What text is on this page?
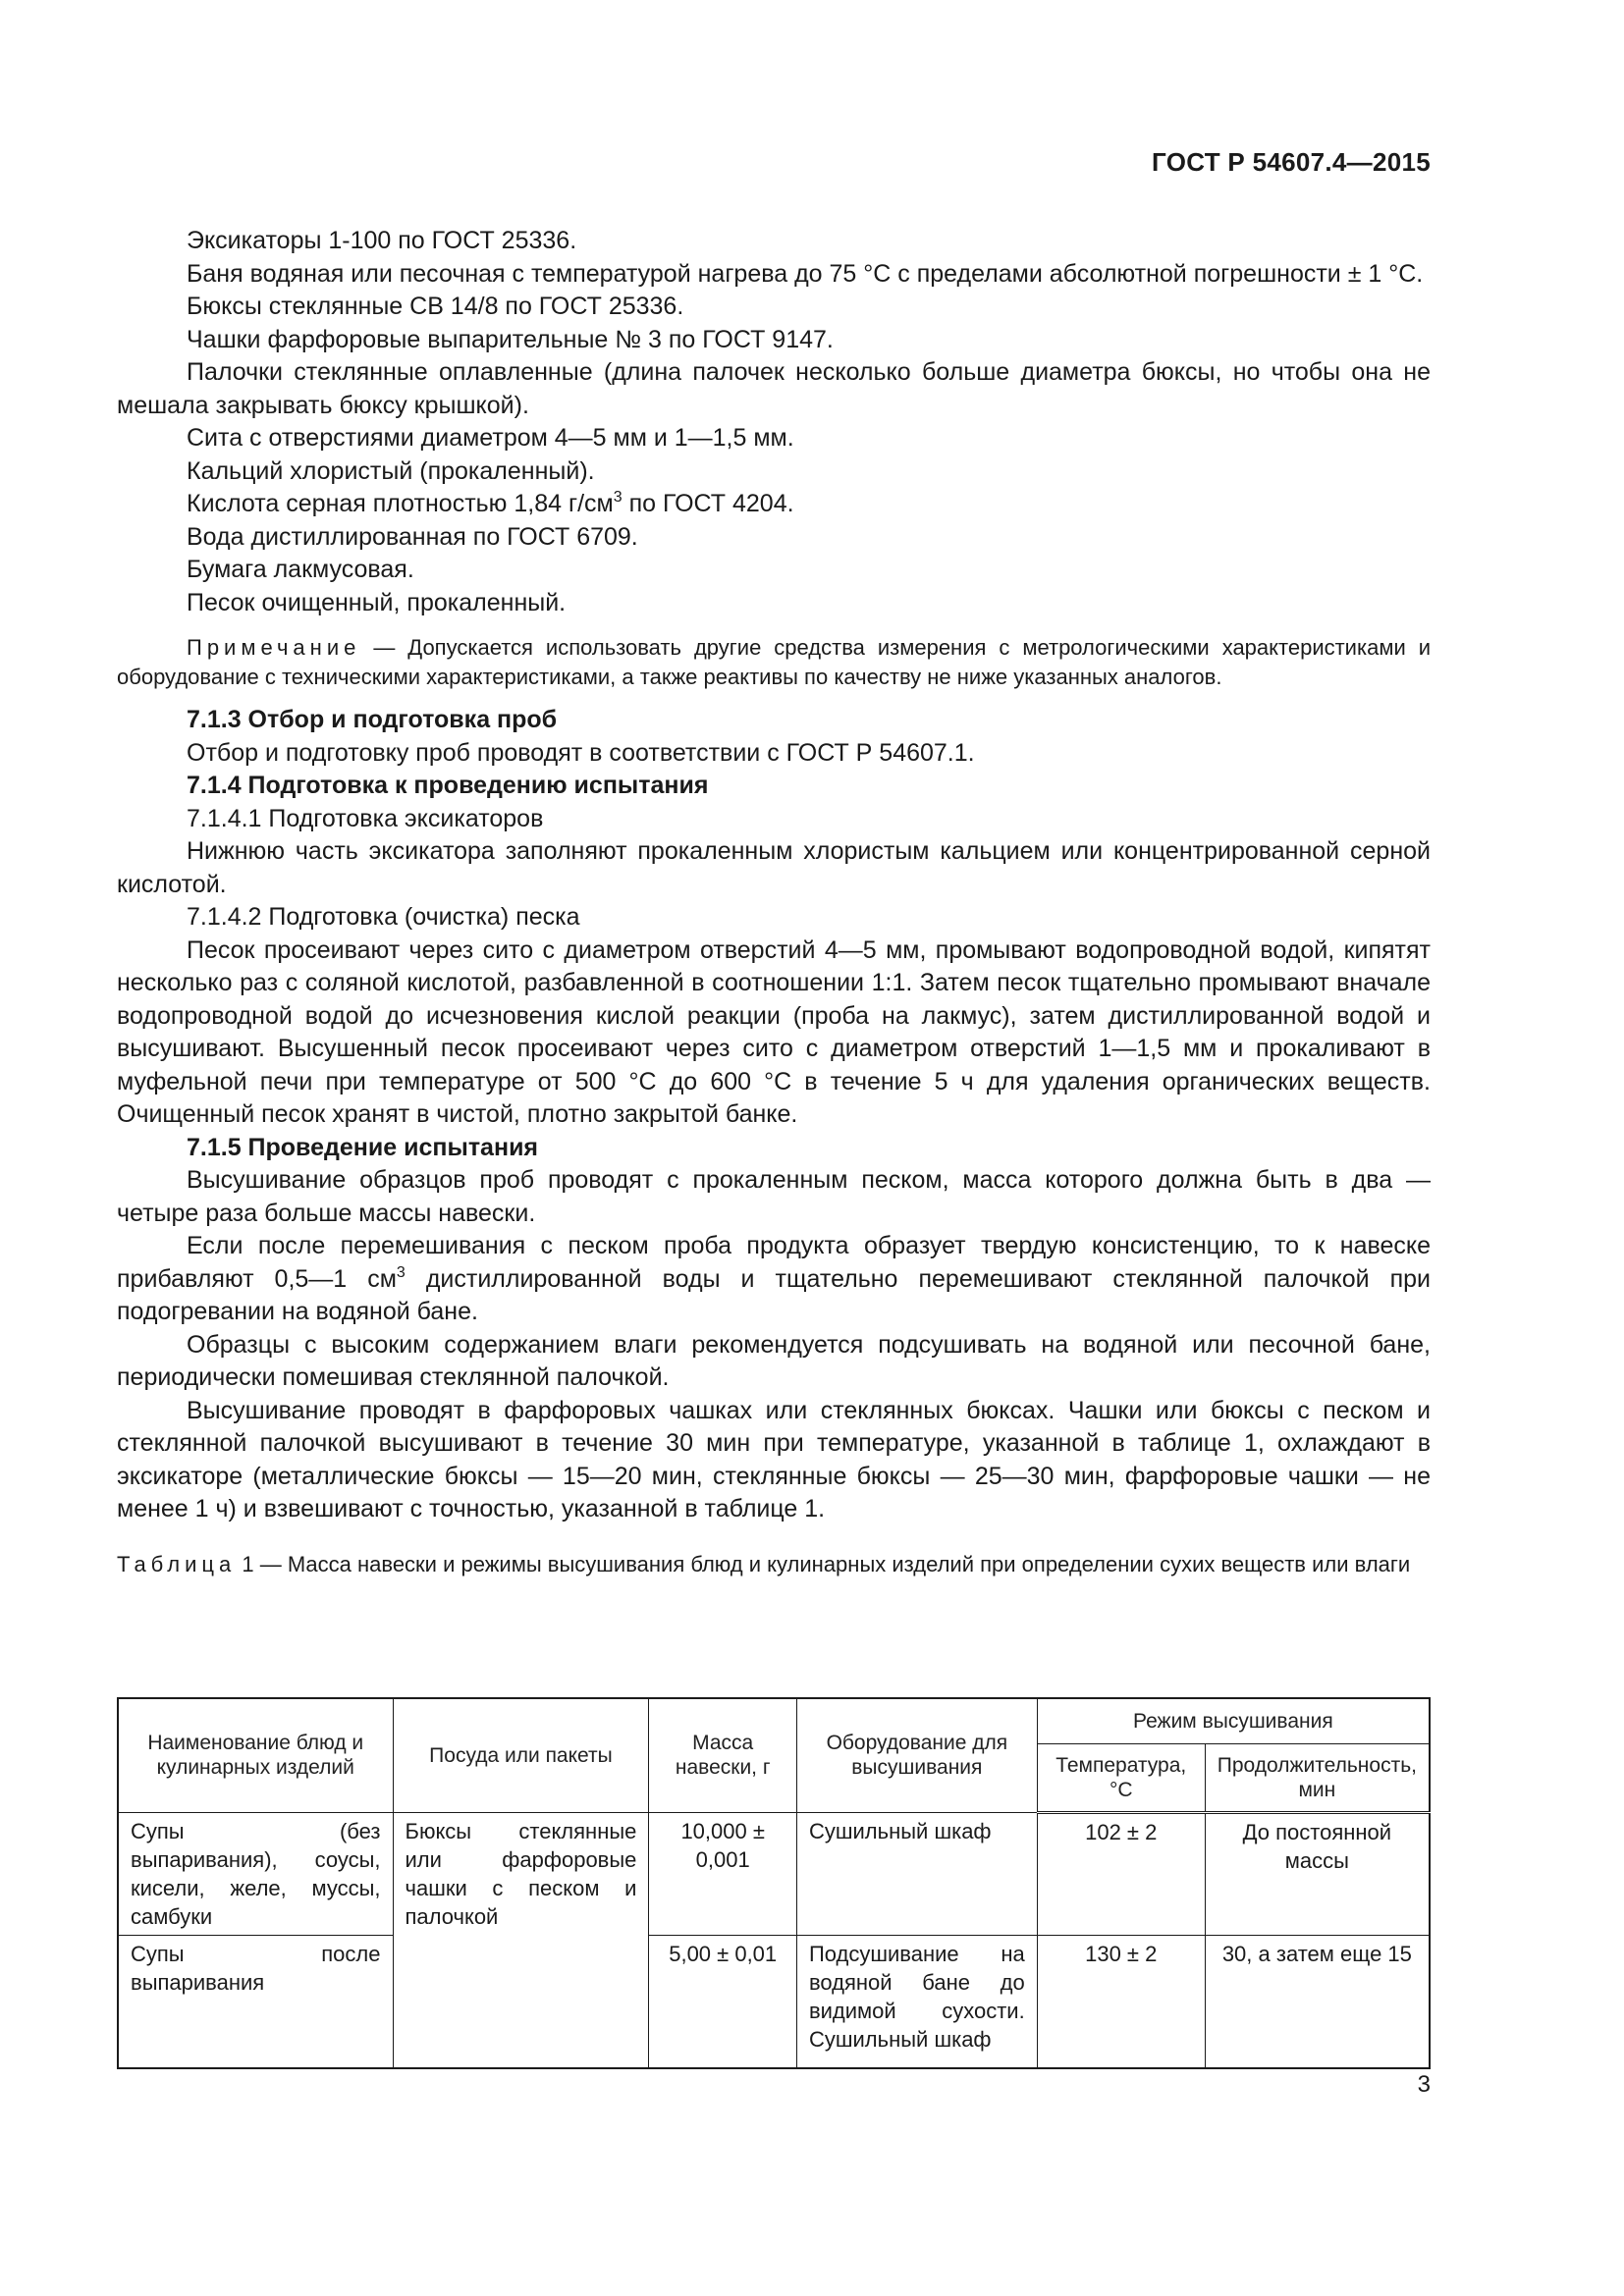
ГОСТ Р 54607.4—2015

Эксикаторы 1-100 по ГОСТ 25336.

Баня водяная или песочная с температурой нагрева до 75 °С с пределами абсолютной погрешности ± 1 °С.

Бюксы стеклянные СВ 14/8 по ГОСТ 25336.

Чашки фарфоровые выпарительные № 3 по ГОСТ 9147.

Палочки стеклянные оплавленные (длина палочек несколько больше диаметра бюксы, но чтобы она не мешала закрывать бюксу крышкой).

Сита с отверстиями диаметром 4—5 мм и 1—1,5 мм.

Кальций хлористый (прокаленный).

Кислота серная плотностью 1,84 $г/см^3$ по ГОСТ 4204.

Вода дистиллированная по ГОСТ 6709.

Бумага лакмусовая.

Песок очищенный, прокаленный.

Примечание — Допускается использовать другие средства измерения с метрологическими характеристиками и оборудование с техническими характеристиками, а также реактивы по качеству не ниже указанных аналогов.

7.1.3 Отбор и подготовка проб

Отбор и подготовку проб проводят в соответствии с ГОСТ Р 54607.1.

7.1.4 Подготовка к проведению испытания

7.1.4.1 Подготовка эксикаторов

Нижнюю часть эксикатора заполняют прокаленным хлористым кальцием или концентрированной серной кислотой.

7.1.4.2 Подготовка (очистка) песка

Песок просеивают через сито с диаметром отверстий 4—5 мм, промывают водопроводной водой, кипятят несколько раз с соляной кислотой, разбавленной в соотношении 1:1. Затем песок тщательно промывают вначале водопроводной водой до исчезновения кислой реакции (проба на лакмус), затем дистиллированной водой и высушивают. Высушенный песок просеивают через сито с диаметром отверстий 1—1,5 мм и прокаливают в муфельной печи при температуре от 500 °С до 600 °С в течение 5 ч для удаления органических веществ. Очищенный песок хранят в чистой, плотно закрытой банке.

7.1.5 Проведение испытания

Высушивание образцов проб проводят с прокаленным песком, масса которого должна быть в два — четыре раза больше массы навески.

Если после перемешивания с песком проба продукта образует твердую консистенцию, то к навеске прибавляют 0,5—1 $см^3$ дистиллированной воды и тщательно перемешивают стеклянной палочкой при подогревании на водяной бане.

Образцы с высоким содержанием влаги рекомендуется подсушивать на водяной или песочной бане, периодически помешивая стеклянной палочкой.

Высушивание проводят в фарфоровых чашках или стеклянных бюксах. Чашки или бюксы с песком и стеклянной палочкой высушивают в течение 30 мин при температуре, указанной в таблице 1, охлаждают в эксикаторе (металлические бюксы — 15—20 мин, стеклянные бюксы — 25—30 мин, фарфоровые чашки — не менее 1 ч) и взвешивают с точностью, указанной в таблице 1.

Таблица 1 — Масса навески и режимы высушивания блюд и кулинарных изделий при определении сухих веществ или влаги

Наименование блюд и кулинарных изделий	Посуда или пакеты	Масса навески, г	Оборудование для высушивания	Режим высушивания	
				Температура, °С	Продолжительность, мин
Супы (без выпаривания), соусы, кисели, желе, муссы, самбуки	Бюксы стеклянные или фарфоровые чашки с песком и палочкой	10,000 ± 0,001	Сушильный шкаф	102 ± 2	До постоянной массы
Супы после выпаривания		5,00 ± 0,01	Подсушивание на водяной бане до видимой сухости. Сушильный шкаф	130 ± 2	30, а затем еще 15
3
